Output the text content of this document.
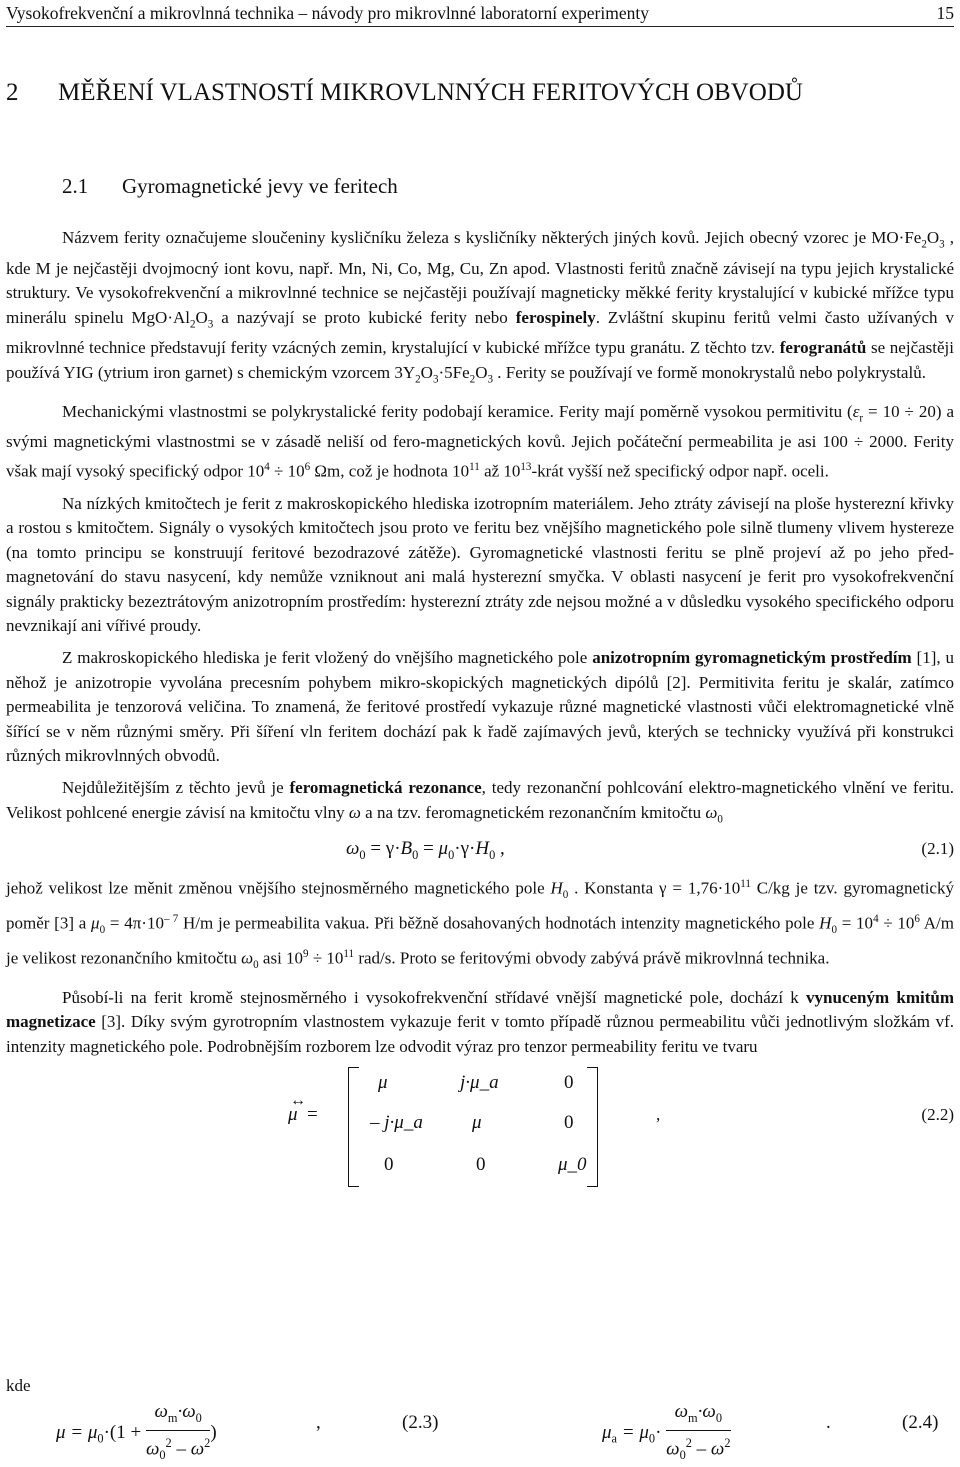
Vysokofrekvenční a mikrovlnná technika – návody pro mikrovlnné laboratorní experimenty	15
2 MĚŘENÍ VLASTNOSTÍ MIKROVLNNÝCH FERITOVÝCH OBVODŮ
2.1 Gyromagnetické jevy ve feritech

Názvem ferity označujeme sloučeniny kysličníku železa s kysličníky některých jiných kovů. Jejich obecný vzorec je $MO\cdot Fe_2O_3$ , kde M je nejčastěji dvojmocný iont kovu, např. Mn, Ni, Co, Mg, Cu, Zn apod. Vlastnosti feritů značně závisejí na typu jejich krystalické struktury. Ve vysokofrekvenční a mikrovlnné technice se nejčastěji používají magneticky měkké ferity krystalující v kubické mřížce typu minerálu spinelu $MgO\cdot Al_2O_3$ a nazývají se proto kubické ferity nebo ferospinely. Zvláštní skupinu feritů velmi často užívaných v mikrovlnné technice představují ferity vzácných zemin, krystalující v kubické mřížce typu granátu. Z těchto tzv. ferogranátů se nejčastěji používá YIG (ytrium iron garnet) s chemickým vzorcem $3Y_2O_3\cdot 5Fe_2O_3$ . Ferity se používají ve formě monokrystalů nebo polykrystalů.

Mechanickými vlastnostmi se polykrystalické ferity podobají keramice. Ferity mají poměrně vysokou permitivitu $(\varepsilon_r = 10 \div 20)$ a svými magnetickými vlastnostmi se v zásadě neliší od fero-magnetických kovů. Jejich počáteční permeabilita je asi 100 ÷ 2000. Ferity však mají vysoký specifický odpor $10^4 \div 10^6$ Ωm, což je hodnota $10^{11}$ až $10^{13}$-krát vyšší než specifický odpor např. oceli.

Na nízkých kmitočtech je ferit z makroskopického hlediska izotropním materiálem. Jeho ztráty závisejí na ploše hysterezní křivky a rostou s kmitočtem. Signály o vysokých kmitočtech jsou proto ve feritu bez vnějšího magnetického pole silně tlumeny vlivem hystereze (na tomto principu se konstruují feritové bezodrazové zátěže). Gyromagnetické vlastnosti feritu se plně projeví až po jeho před-magnetování do stavu nasycení, kdy nemůže vzniknout ani malá hysterezní smyčka. V oblasti nasycení je ferit pro vysokofrekvenční signály prakticky bezeztrátovým anizotropním prostředím: hysterezní ztráty zde nejsou možné a v důsledku vysokého specifického odporu nevznikají ani vířivé proudy.

Z makroskopického hlediska je ferit vložený do vnějšího magnetického pole anizotropním gyromagnetickým prostředím [1], u něhož je anizotropie vyvolána precesním pohybem mikro-skopických magnetických dipólů [2]. Permitivita feritu je skalár, zatímco permeabilita je tenzorová veličina. To znamená, že feritové prostředí vykazuje různé magnetické vlastnosti vůči elektromagnetické vlně šířící se v něm různými směry. Při šíření vln feritem dochází pak k řadě zajímavých jevů, kterých se technicky využívá při konstrukci různých mikrovlnných obvodů.

Nejdůležitějším z těchto jevů je feromagnetická rezonance, tedy rezonanční pohlcování elektro-magnetického vlnění ve feritu. Velikost pohlcené energie závisí na kmitočtu vlny ω a na tzv. feromagnetickém rezonančním kmitočtu $\omega_0$

$\omega_0 = \gamma\cdot B_0 = \mu_0\cdot\gamma\cdot H_0$ ,	(2.1)

jehož velikost lze měnit změnou vnějšího stejnosměrného magnetického pole $H_0$ . Konstanta $\gamma = 1,76\cdot 10^{11}$ C/kg je tzv. gyromagnetický poměr [3] a $\mu_0 = 4\pi\cdot 10^{- 7}$ H/m je permeabilita vakua. Při běžně dosahovaných hodnotách intenzity magnetického pole $H_0 = 10^4 \div 10^6$ A/m je velikost rezonančního kmitočtu $\omega_0$ asi $10^9 \div 10^{11}$ rad/s. Proto se feritovými obvody zabývá právě mikrovlnná technika.

Působí-li na ferit kromě stejnosměrného i vysokofrekvenční střídavé vnější magnetické pole, dochází k vynuceným kmitům magnetizace [3]. Díky svým gyrotropním vlastnostem vykazuje ferit v tomto případě různou permeabilitu vůči jednotlivým složkám vf. intenzity magnetického pole. Podrobnějším rozborem lze odvodit výraz pro tenzor permeability feritu ve tvaru

↔
μ =
μ	j·μ_a	0
– j·μ_a	μ	0
0	0	μ_0
,	(2.2)
kde
$\mu = \mu_0\cdot(1 + \frac{\omega_m\cdot\omega_0}{\omega_0^2 - \omega^2}$ )	,	(2.3)	$\mu_a = \mu_0\cdot \frac{\omega_m\cdot\omega_0}{\omega_0^2 - \omega^2}$	.	(2.4)
